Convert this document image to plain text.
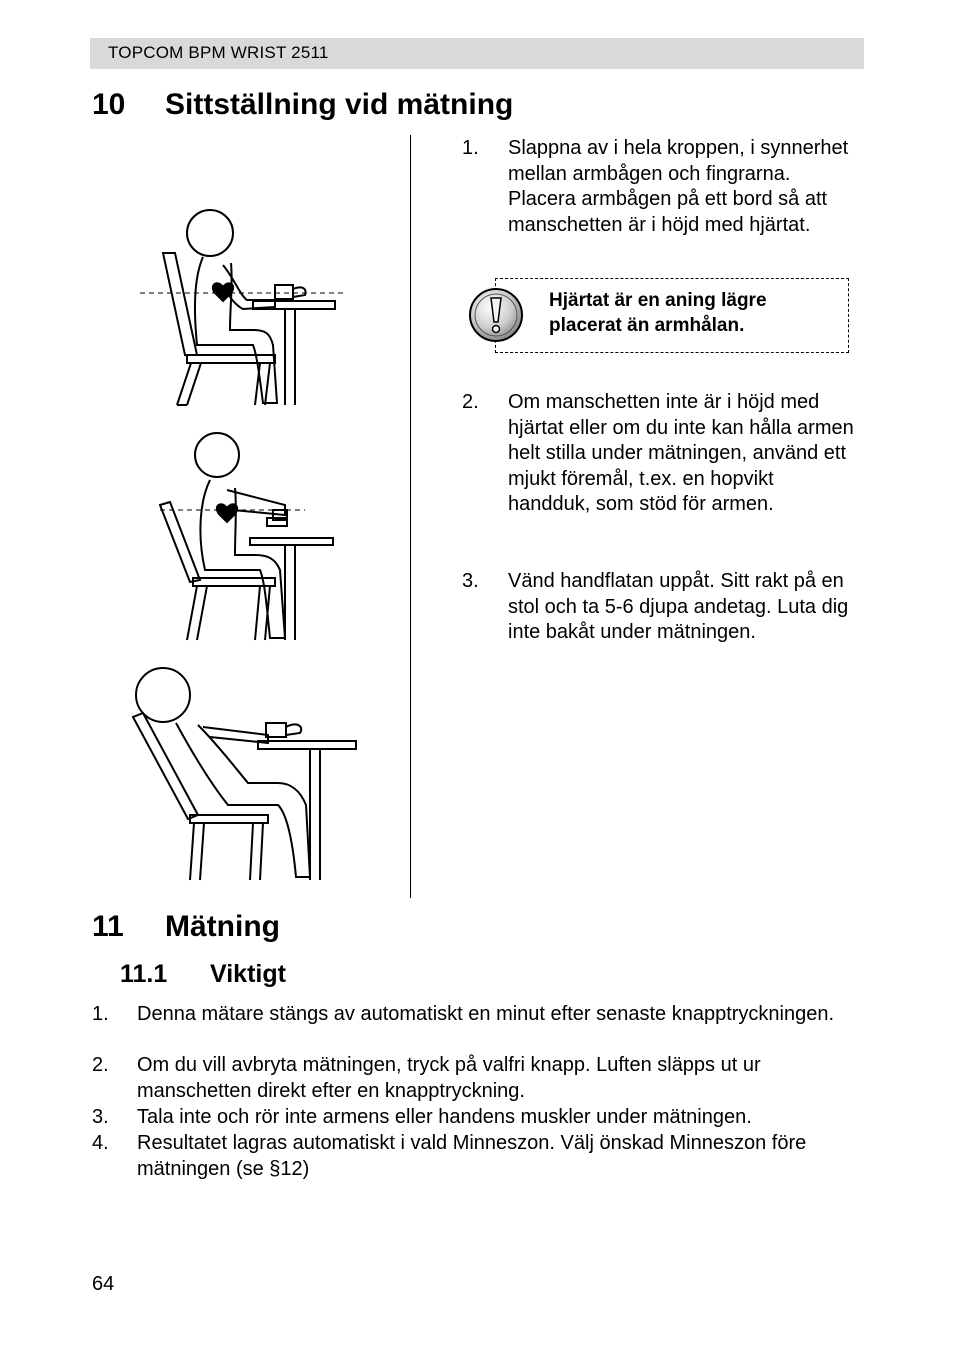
TOPCOM BPM WRIST 2511
10 Sittställning vid mätning
1. Slappna av i hela kroppen, i synnerhet mellan armbågen och fingrarna. Placera armbågen på ett bord så att manschetten är i höjd med hjärtat.
Hjärtat är en aning lägre placerat än armhålan.
2. Om manschetten inte är i höjd med hjärtat eller om du inte kan hålla armen helt stilla under mätningen, använd ett mjukt föremål, t.ex. en hopvikt handduk, som stöd för armen.
3. Vänd handflatan uppåt. Sitt rakt på en stol och ta 5-6 djupa andetag. Luta dig inte bakåt under mätningen.
11 Mätning
11.1 Viktigt
1. Denna mätare stängs av automatiskt en minut efter senaste knapptryckningen.
2. Om du vill avbryta mätningen, tryck på valfri knapp. Luften släpps ut ur manschetten direkt efter en knapptryckning.
3. Tala inte och rör inte armens eller handens muskler under mätningen.
4. Resultatet lagras automatiskt i vald Minneszon. Välj önskad Minneszon före mätningen (se §12)
64
